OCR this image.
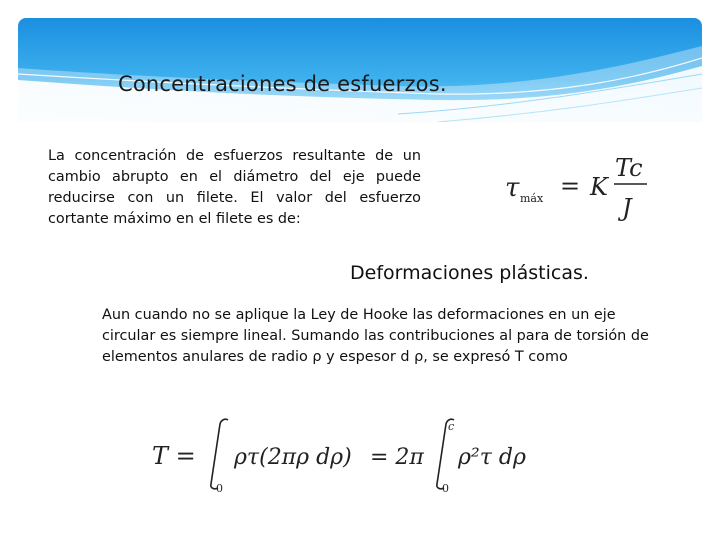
Concentraciones de esfuerzos.
La concentración de esfuerzos resultante de un cambio abrupto en el diámetro del eje puede reducirse con un filete. El valor del esfuerzo cortante máximo en el filete es de:
τ máx = K
Tc
J
Deformaciones plásticas.
Aun cuando no se aplique la Ley de Hooke las deformaciones en un eje circular es siempre lineal. Sumando las contribuciones al para de torsión de elementos anulares de radio ρ y espesor d ρ, se expresó T como
T =
0
ρτ(2πρ dρ) = 2π
c
0
ρ²τ dρ
